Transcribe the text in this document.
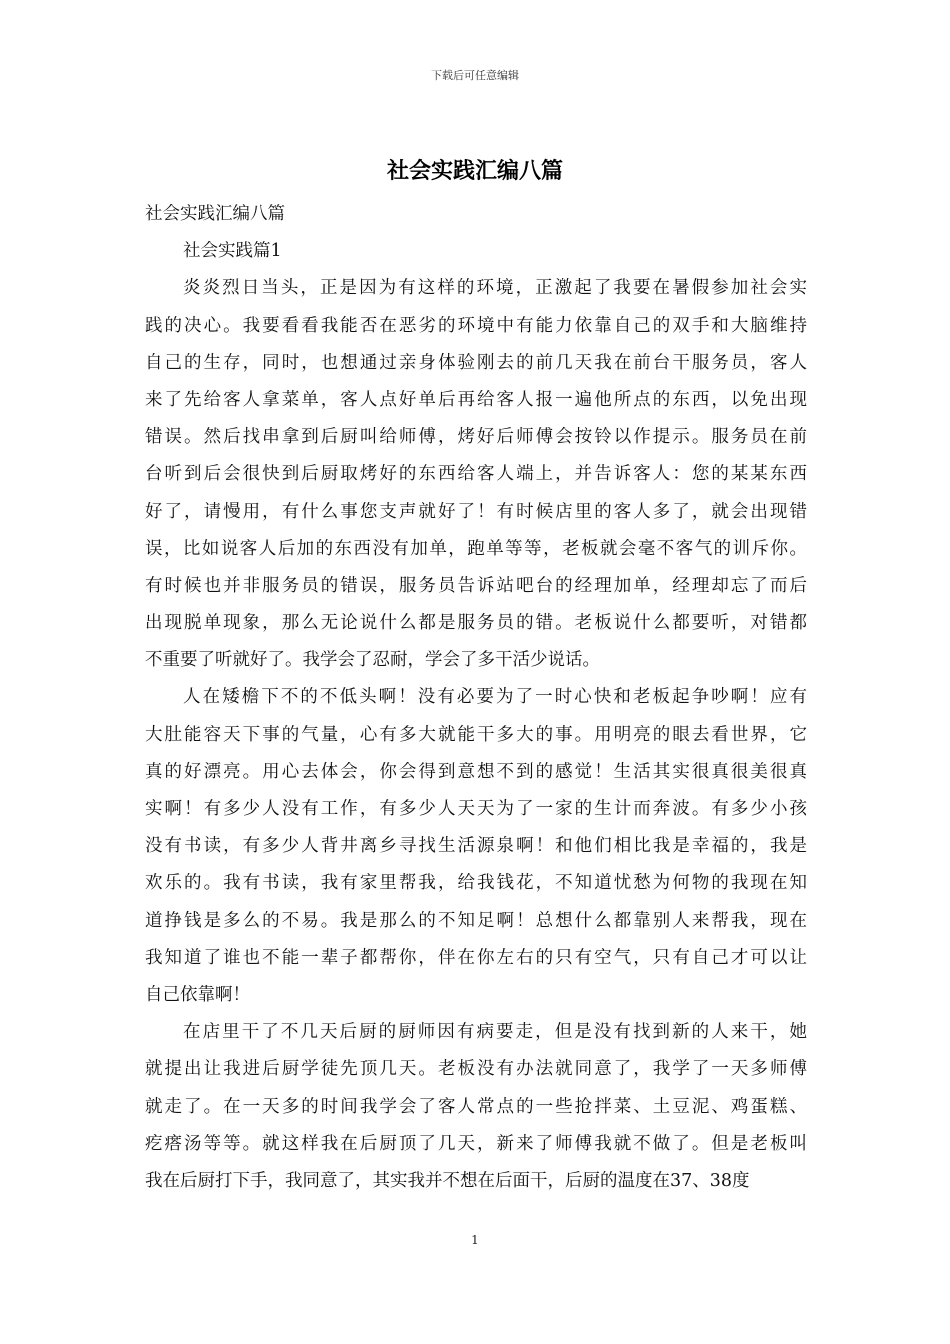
下载后可任意编辑
社会实践汇编八篇
社会实践汇编八篇
社会实践篇1
炎炎烈日当头，正是因为有这样的环境，正激起了我要在暑假参加社会实
践的决心。我要看看我能否在恶劣的环境中有能力依靠自己的双手和大脑维持
自己的生存，同时，也想通过亲身体验刚去的前几天我在前台干服务员，客人
来了先给客人拿菜单，客人点好单后再给客人报一遍他所点的东西，以免出现
错误。然后找串拿到后厨叫给师傅，烤好后师傅会按铃以作提示。服务员在前
台听到后会很快到后厨取烤好的东西给客人端上，并告诉客人：您的某某东西
好了，请慢用，有什么事您支声就好了！有时候店里的客人多了，就会出现错
误，比如说客人后加的东西没有加单，跑单等等，老板就会毫不客气的训斥你。
有时候也并非服务员的错误，服务员告诉站吧台的经理加单，经理却忘了而后
出现脱单现象，那么无论说什么都是服务员的错。老板说什么都要听，对错都
不重要了听就好了。我学会了忍耐，学会了多干活少说话。
人在矮檐下不的不低头啊！没有必要为了一时心快和老板起争吵啊！应有
大肚能容天下事的气量，心有多大就能干多大的事。用明亮的眼去看世界，它
真的好漂亮。用心去体会，你会得到意想不到的感觉！生活其实很真很美很真
实啊！有多少人没有工作，有多少人天天为了一家的生计而奔波。有多少小孩
没有书读，有多少人背井离乡寻找生活源泉啊！和他们相比我是幸福的，我是
欢乐的。我有书读，我有家里帮我，给我钱花，不知道忧愁为何物的我现在知
道挣钱是多么的不易。我是那么的不知足啊！总想什么都靠别人来帮我，现在
我知道了谁也不能一辈子都帮你，伴在你左右的只有空气，只有自己才可以让
自己依靠啊！
在店里干了不几天后厨的厨师因有病要走，但是没有找到新的人来干，她
就提出让我进后厨学徒先顶几天。老板没有办法就同意了，我学了一天多师傅
就走了。在一天多的时间我学会了客人常点的一些抢拌菜、土豆泥、鸡蛋糕、
疙瘩汤等等。就这样我在后厨顶了几天，新来了师傅我就不做了。但是老板叫
我在后厨打下手，我同意了，其实我并不想在后面干，后厨的温度在37、38度
1
